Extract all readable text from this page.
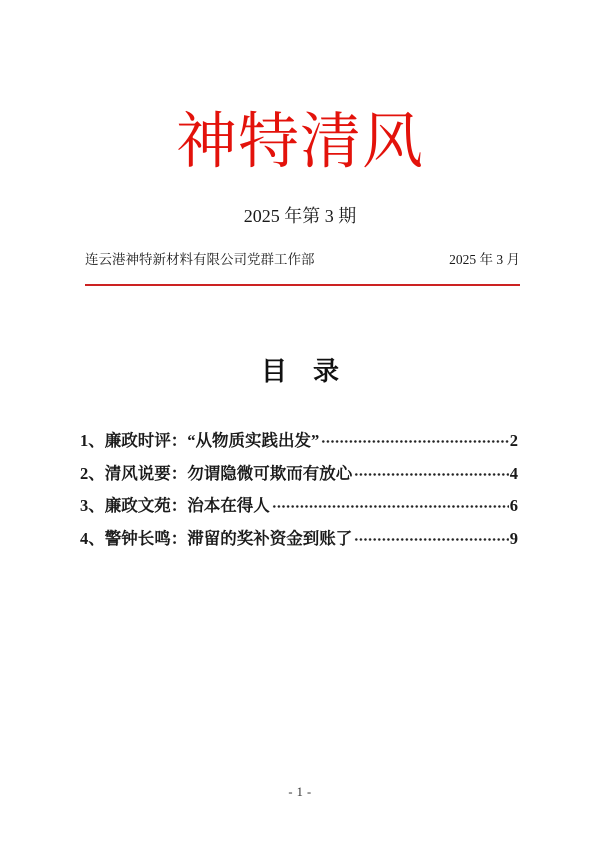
神特清风
2025 年第 3 期
连云港神特新材料有限公司党群工作部	2025 年 3 月
目　录
1、廉政时评：“从物质实践出发”	2
2、清风说要：勿谓隐微可欺而有放心	4
3、廉政文苑：治本在得人	6
4、警钟长鸣：滞留的奖补资金到账了	9
- 1 -
